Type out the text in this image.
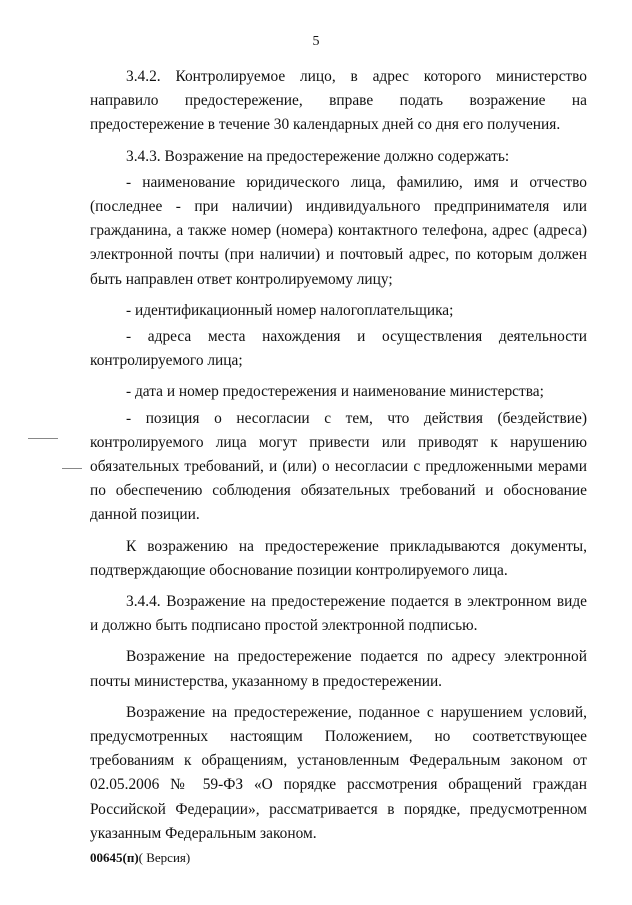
5

3.4.2. Контролируемое лицо, в адрес которого министерство направило предостережение, вправе подать возражение на предостережение в течение 30 календарных дней со дня его получения.

3.4.3. Возражение на предостережение должно содержать:

- наименование юридического лица, фамилию, имя и отчество (последнее - при наличии) индивидуального предпринимателя или гражданина, а также номер (номера) контактного телефона, адрес (адреса) электронной почты (при наличии) и почтовый адрес, по которым должен быть направлен ответ контролируемому лицу;

- идентификационный номер налогоплательщика;

- адреса места нахождения и осуществления деятельности контролируемого лица;

- дата и номер предостережения и наименование министерства;

- позиция о несогласии с тем, что действия (бездействие) контролируемого лица могут привести или приводят к нарушению обязательных требований, и (или) о несогласии с предложенными мерами по обеспечению соблюдения обязательных требований и обоснование данной позиции.

К возражению на предостережение прикладываются документы, подтверждающие обоснование позиции контролируемого лица.

3.4.4. Возражение на предостережение подается в электронном виде и должно быть подписано простой электронной подписью.

Возражение на предостережение подается по адресу электронной почты министерства, указанному в предостережении.

Возражение на предостережение, поданное с нарушением условий, предусмотренных настоящим Положением, но соответствующее требованиям к обращениям, установленным Федеральным законом от 02.05.2006 № 59-ФЗ «О порядке рассмотрения обращений граждан Российской Федерации», рассматривается в порядке, предусмотренном указанным Федеральным законом.

00645(п)( Версия)
